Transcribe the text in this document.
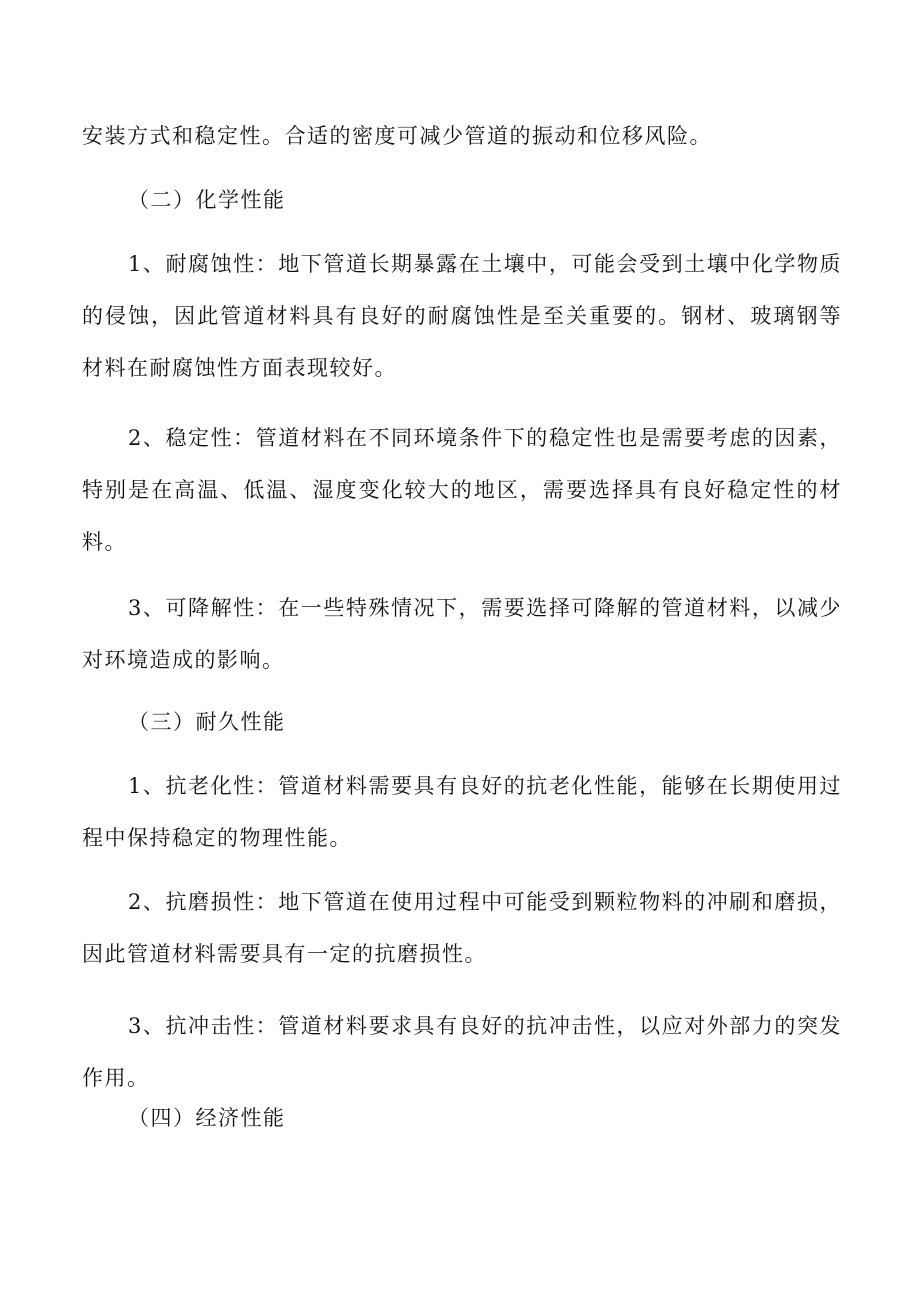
安装方式和稳定性。合适的密度可减少管道的振动和位移风险。

（二）化学性能

1、耐腐蚀性：地下管道长期暴露在土壤中，可能会受到土壤中化学物质的侵蚀，因此管道材料具有良好的耐腐蚀性是至关重要的。钢材、玻璃钢等材料在耐腐蚀性方面表现较好。

2、稳定性：管道材料在不同环境条件下的稳定性也是需要考虑的因素，特别是在高温、低温、湿度变化较大的地区，需要选择具有良好稳定性的材料。

3、可降解性：在一些特殊情况下，需要选择可降解的管道材料，以减少对环境造成的影响。

（三）耐久性能

1、抗老化性：管道材料需要具有良好的抗老化性能，能够在长期使用过程中保持稳定的物理性能。

2、抗磨损性：地下管道在使用过程中可能受到颗粒物料的冲刷和磨损，因此管道材料需要具有一定的抗磨损性。

3、抗冲击性：管道材料要求具有良好的抗冲击性，以应对外部力的突发作用。

（四）经济性能
